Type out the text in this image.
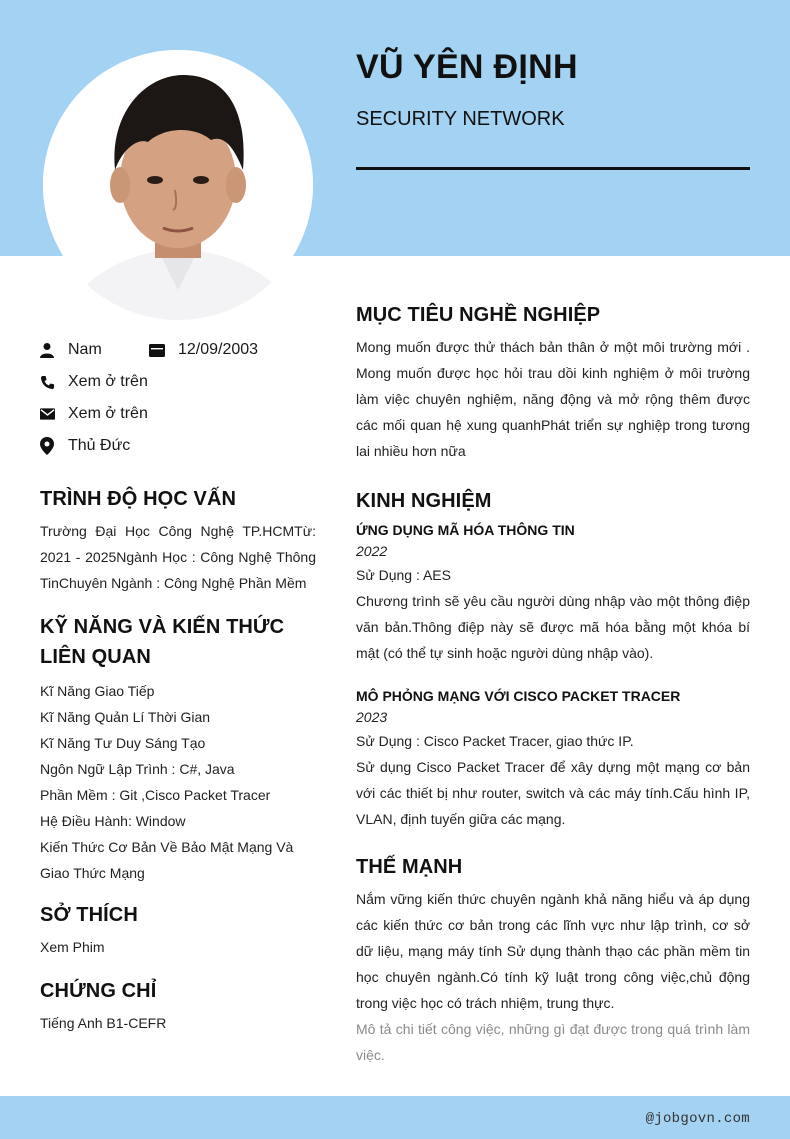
VŨ YÊN ĐỊNH
SECURITY NETWORK
Nam	12/09/2003
Xem ở trên
Xem ở trên
Thủ Đức
TRÌNH ĐỘ HỌC VẤN
Trường Đại Học Công Nghệ TP.HCMTừ: 2021 - 2025Ngành Học : Công Nghệ Thông TinChuyên Ngành : Công Nghệ Phần Mềm
KỸ NĂNG VÀ KIẾN THỨC LIÊN QUAN
Kĩ Năng Giao Tiếp
Kĩ Năng Quản Lí Thời Gian
Kĩ Năng Tư Duy Sáng Tạo
Ngôn Ngữ Lập Trình : C#, Java
Phần Mềm : Git ,Cisco Packet Tracer
Hệ Điều Hành: Window
Kiến Thức Cơ Bản Về Bảo Mật Mạng Và Giao Thức Mạng
SỞ THÍCH
Xem Phim
CHỨNG CHỈ
Tiếng Anh B1-CEFR
MỤC TIÊU NGHỀ NGHIỆP
Mong muốn được thử thách bản thân ở một môi trường mới . Mong muốn được học hỏi trau dồi kinh nghiệm ở môi trường làm việc chuyên nghiệm, năng động và mở rộng thêm được các mối quan hệ xung quanhPhát triển sự nghiệp trong tương lai nhiều hơn nữa
KINH NGHIỆM
ỨNG DỤNG MÃ HÓA THÔNG TIN
2022
Sử Dụng : AES
Chương trình sẽ yêu cầu người dùng nhập vào một thông điệp văn bản.Thông điệp này sẽ được mã hóa bằng một khóa bí mật (có thể tự sinh hoặc người dùng nhập vào).
MÔ PHỎNG MẠNG VỚI CISCO PACKET TRACER
2023
Sử Dụng : Cisco Packet Tracer, giao thức IP.
Sử dụng Cisco Packet Tracer để xây dựng một mạng cơ bản với các thiết bị như router, switch và các máy tính.Cấu hình IP, VLAN, định tuyến giữa các mạng.
THẾ MẠNH
Nắm vững kiến thức chuyên ngành khả năng hiểu và áp dụng các kiến thức cơ bản trong các lĩnh vực như lập trình, cơ sở dữ liệu, mạng máy tính Sử dụng thành thạo các phần mềm tin học chuyên ngành.Có tính kỹ luật trong công việc,chủ động trong việc học có trách nhiệm, trung thực.
Mô tả chi tiết công việc, những gì đạt được trong quá trình làm việc.
@jobgovn.com
